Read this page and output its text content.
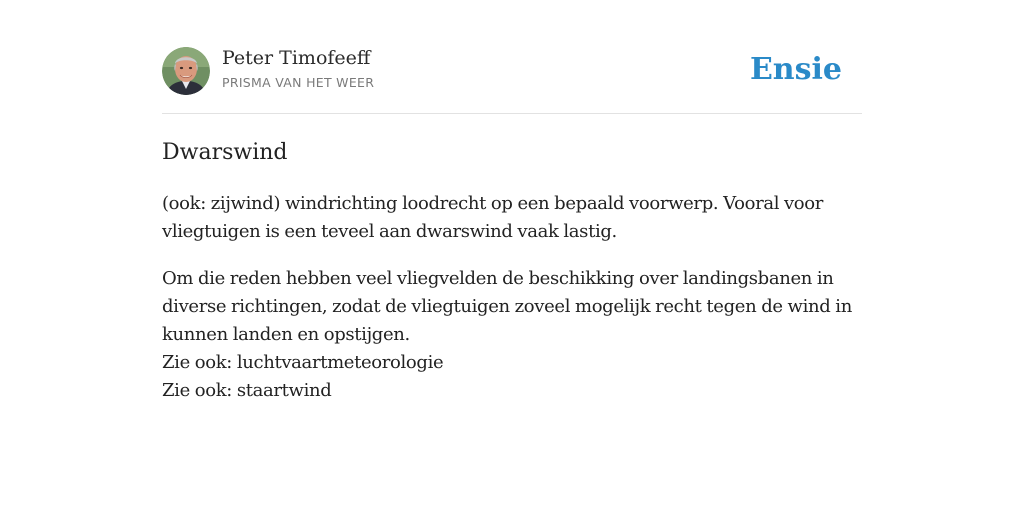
Peter Timofeeff
PRISMA VAN HET WEER	Ensie
Dwarswind

(ook: zijwind) windrichting loodrecht op een bepaald voorwerp. Vooral voor vliegtuigen is een teveel aan dwarswind vaak lastig.

Om die reden hebben veel vliegvelden de beschikking over landingsbanen in diverse richtingen, zodat de vliegtuigen zoveel mogelijk recht tegen de wind in kunnen landen en opstijgen.

Zie ook: luchtvaartmeteorologie
Zie ook: staartwind
